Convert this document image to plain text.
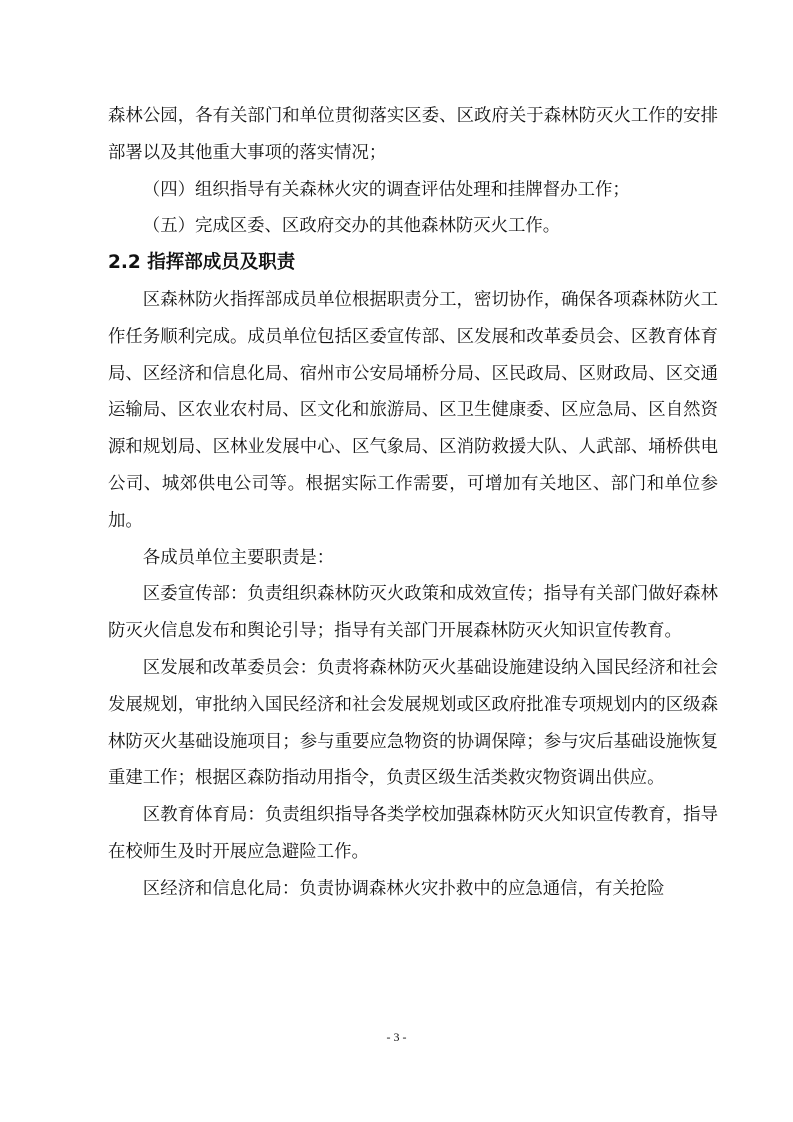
森林公园，各有关部门和单位贯彻落实区委、区政府关于森林防灭火工作的安排部署以及其他重大事项的落实情况；

（四）组织指导有关森林火灾的调查评估处理和挂牌督办工作；

（五）完成区委、区政府交办的其他森林防灭火工作。

2.2 指挥部成员及职责

区森林防火指挥部成员单位根据职责分工，密切协作，确保各项森林防火工作任务顺利完成。成员单位包括区委宣传部、区发展和改革委员会、区教育体育局、区经济和信息化局、宿州市公安局埇桥分局、区民政局、区财政局、区交通运输局、区农业农村局、区文化和旅游局、区卫生健康委、区应急局、区自然资源和规划局、区林业发展中心、区气象局、区消防救援大队、人武部、埇桥供电公司、城郊供电公司等。根据实际工作需要，可增加有关地区、部门和单位参加。

各成员单位主要职责是：

区委宣传部：负责组织森林防灭火政策和成效宣传；指导有关部门做好森林防灭火信息发布和舆论引导；指导有关部门开展森林防灭火知识宣传教育。

区发展和改革委员会：负责将森林防灭火基础设施建设纳入国民经济和社会发展规划，审批纳入国民经济和社会发展规划或区政府批准专项规划内的区级森林防灭火基础设施项目；参与重要应急物资的协调保障；参与灾后基础设施恢复重建工作；根据区森防指动用指令，负责区级生活类救灾物资调出供应。

区教育体育局：负责组织指导各类学校加强森林防灭火知识宣传教育，指导在校师生及时开展应急避险工作。

区经济和信息化局：负责协调森林火灾扑救中的应急通信，有关抢险

- 3 -
